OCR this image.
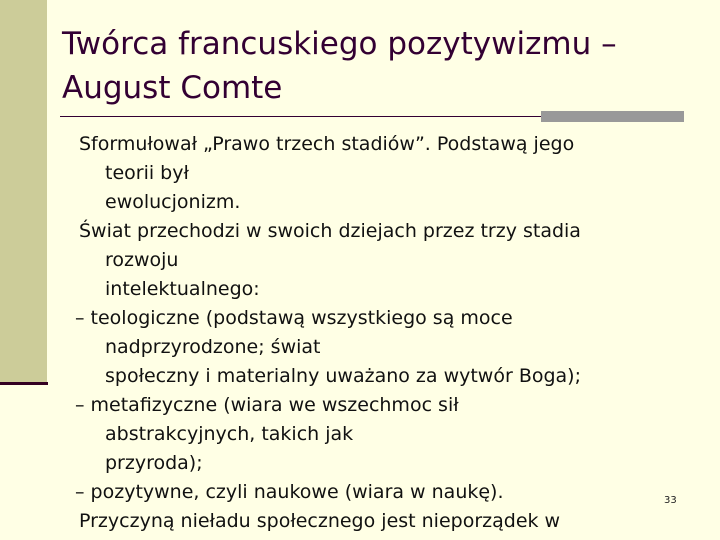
Twórca francuskiego pozytywizmu –
August Comte

Sformułował „Prawo trzech stadiów”. Podstawą jego

teorii był

ewolucjonizm.

Świat przechodzi w swoich dziejach przez trzy stadia

rozwoju

intelektualnego:

– teologiczne (podstawą wszystkiego są moce

nadprzyrodzone; świat

społeczny i materialny uważano za wytwór Boga);

– metafizyczne (wiara we wszechmoc sił

abstrakcyjnych, takich jak

przyroda);

– pozytywne, czyli naukowe (wiara w naukę).

Przyczyną nieładu społecznego jest nieporządek w

33
